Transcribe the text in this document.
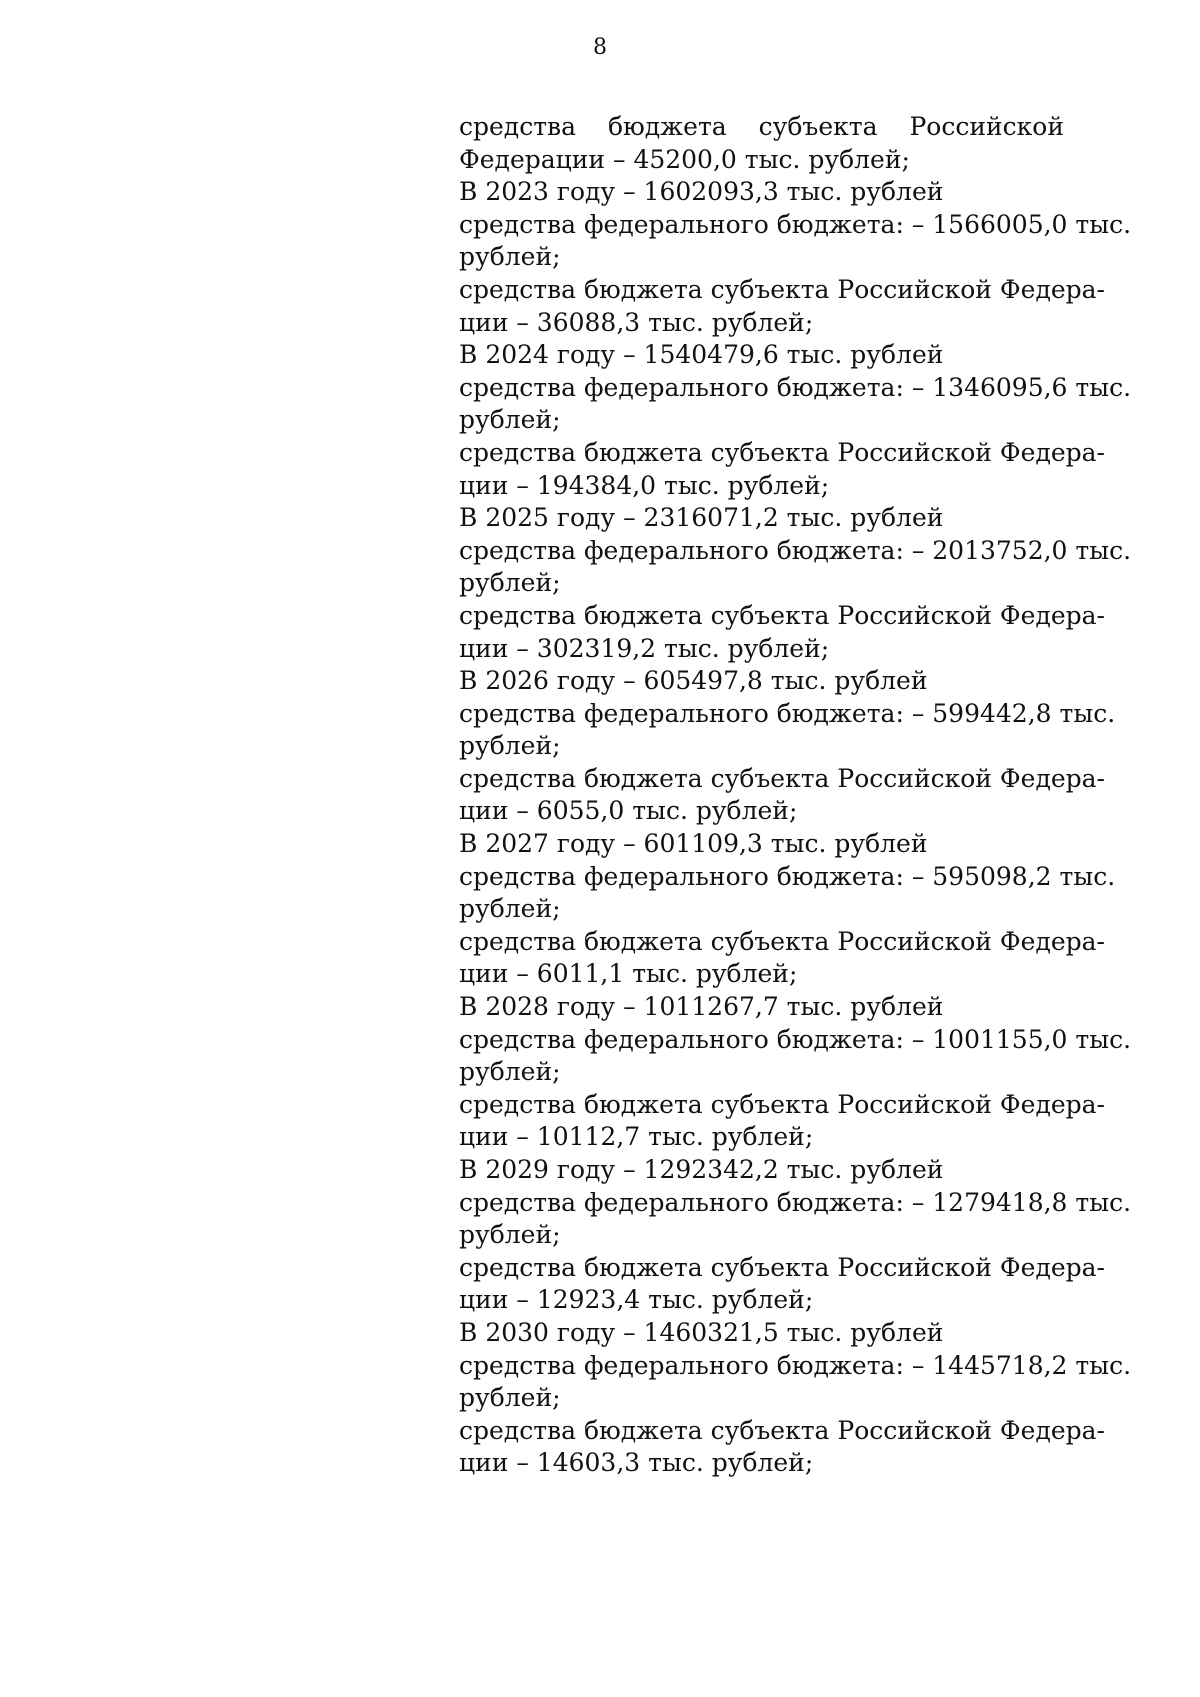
8
средства бюджета субъекта Российской
Федерации – 45200,0 тыс. рублей;
В 2023 году – 1602093,3 тыс. рублей
средства федерального бюджета: – 1566005,0 тыс.
рублей;
средства бюджета субъекта Российской Федера-
ции – 36088,3 тыс. рублей;
В 2024 году – 1540479,6 тыс. рублей
средства федерального бюджета: – 1346095,6 тыс.
рублей;
средства бюджета субъекта Российской Федера-
ции – 194384,0 тыс. рублей;
В 2025 году – 2316071,2 тыс. рублей
средства федерального бюджета: – 2013752,0 тыс.
рублей;
средства бюджета субъекта Российской Федера-
ции – 302319,2 тыс. рублей;
В 2026 году – 605497,8 тыс. рублей
средства федерального бюджета: – 599442,8 тыс.
рублей;
средства бюджета субъекта Российской Федера-
ции – 6055,0 тыс. рублей;
В 2027 году – 601109,3 тыс. рублей
средства федерального бюджета: – 595098,2 тыс.
рублей;
средства бюджета субъекта Российской Федера-
ции – 6011,1 тыс. рублей;
В 2028 году – 1011267,7 тыс. рублей
средства федерального бюджета: – 1001155,0 тыс.
рублей;
средства бюджета субъекта Российской Федера-
ции – 10112,7 тыс. рублей;
В 2029 году – 1292342,2 тыс. рублей
средства федерального бюджета: – 1279418,8 тыс.
рублей;
средства бюджета субъекта Российской Федера-
ции – 12923,4 тыс. рублей;
В 2030 году – 1460321,5 тыс. рублей
средства федерального бюджета: – 1445718,2 тыс.
рублей;
средства бюджета субъекта Российской Федера-
ции – 14603,3 тыс. рублей;
